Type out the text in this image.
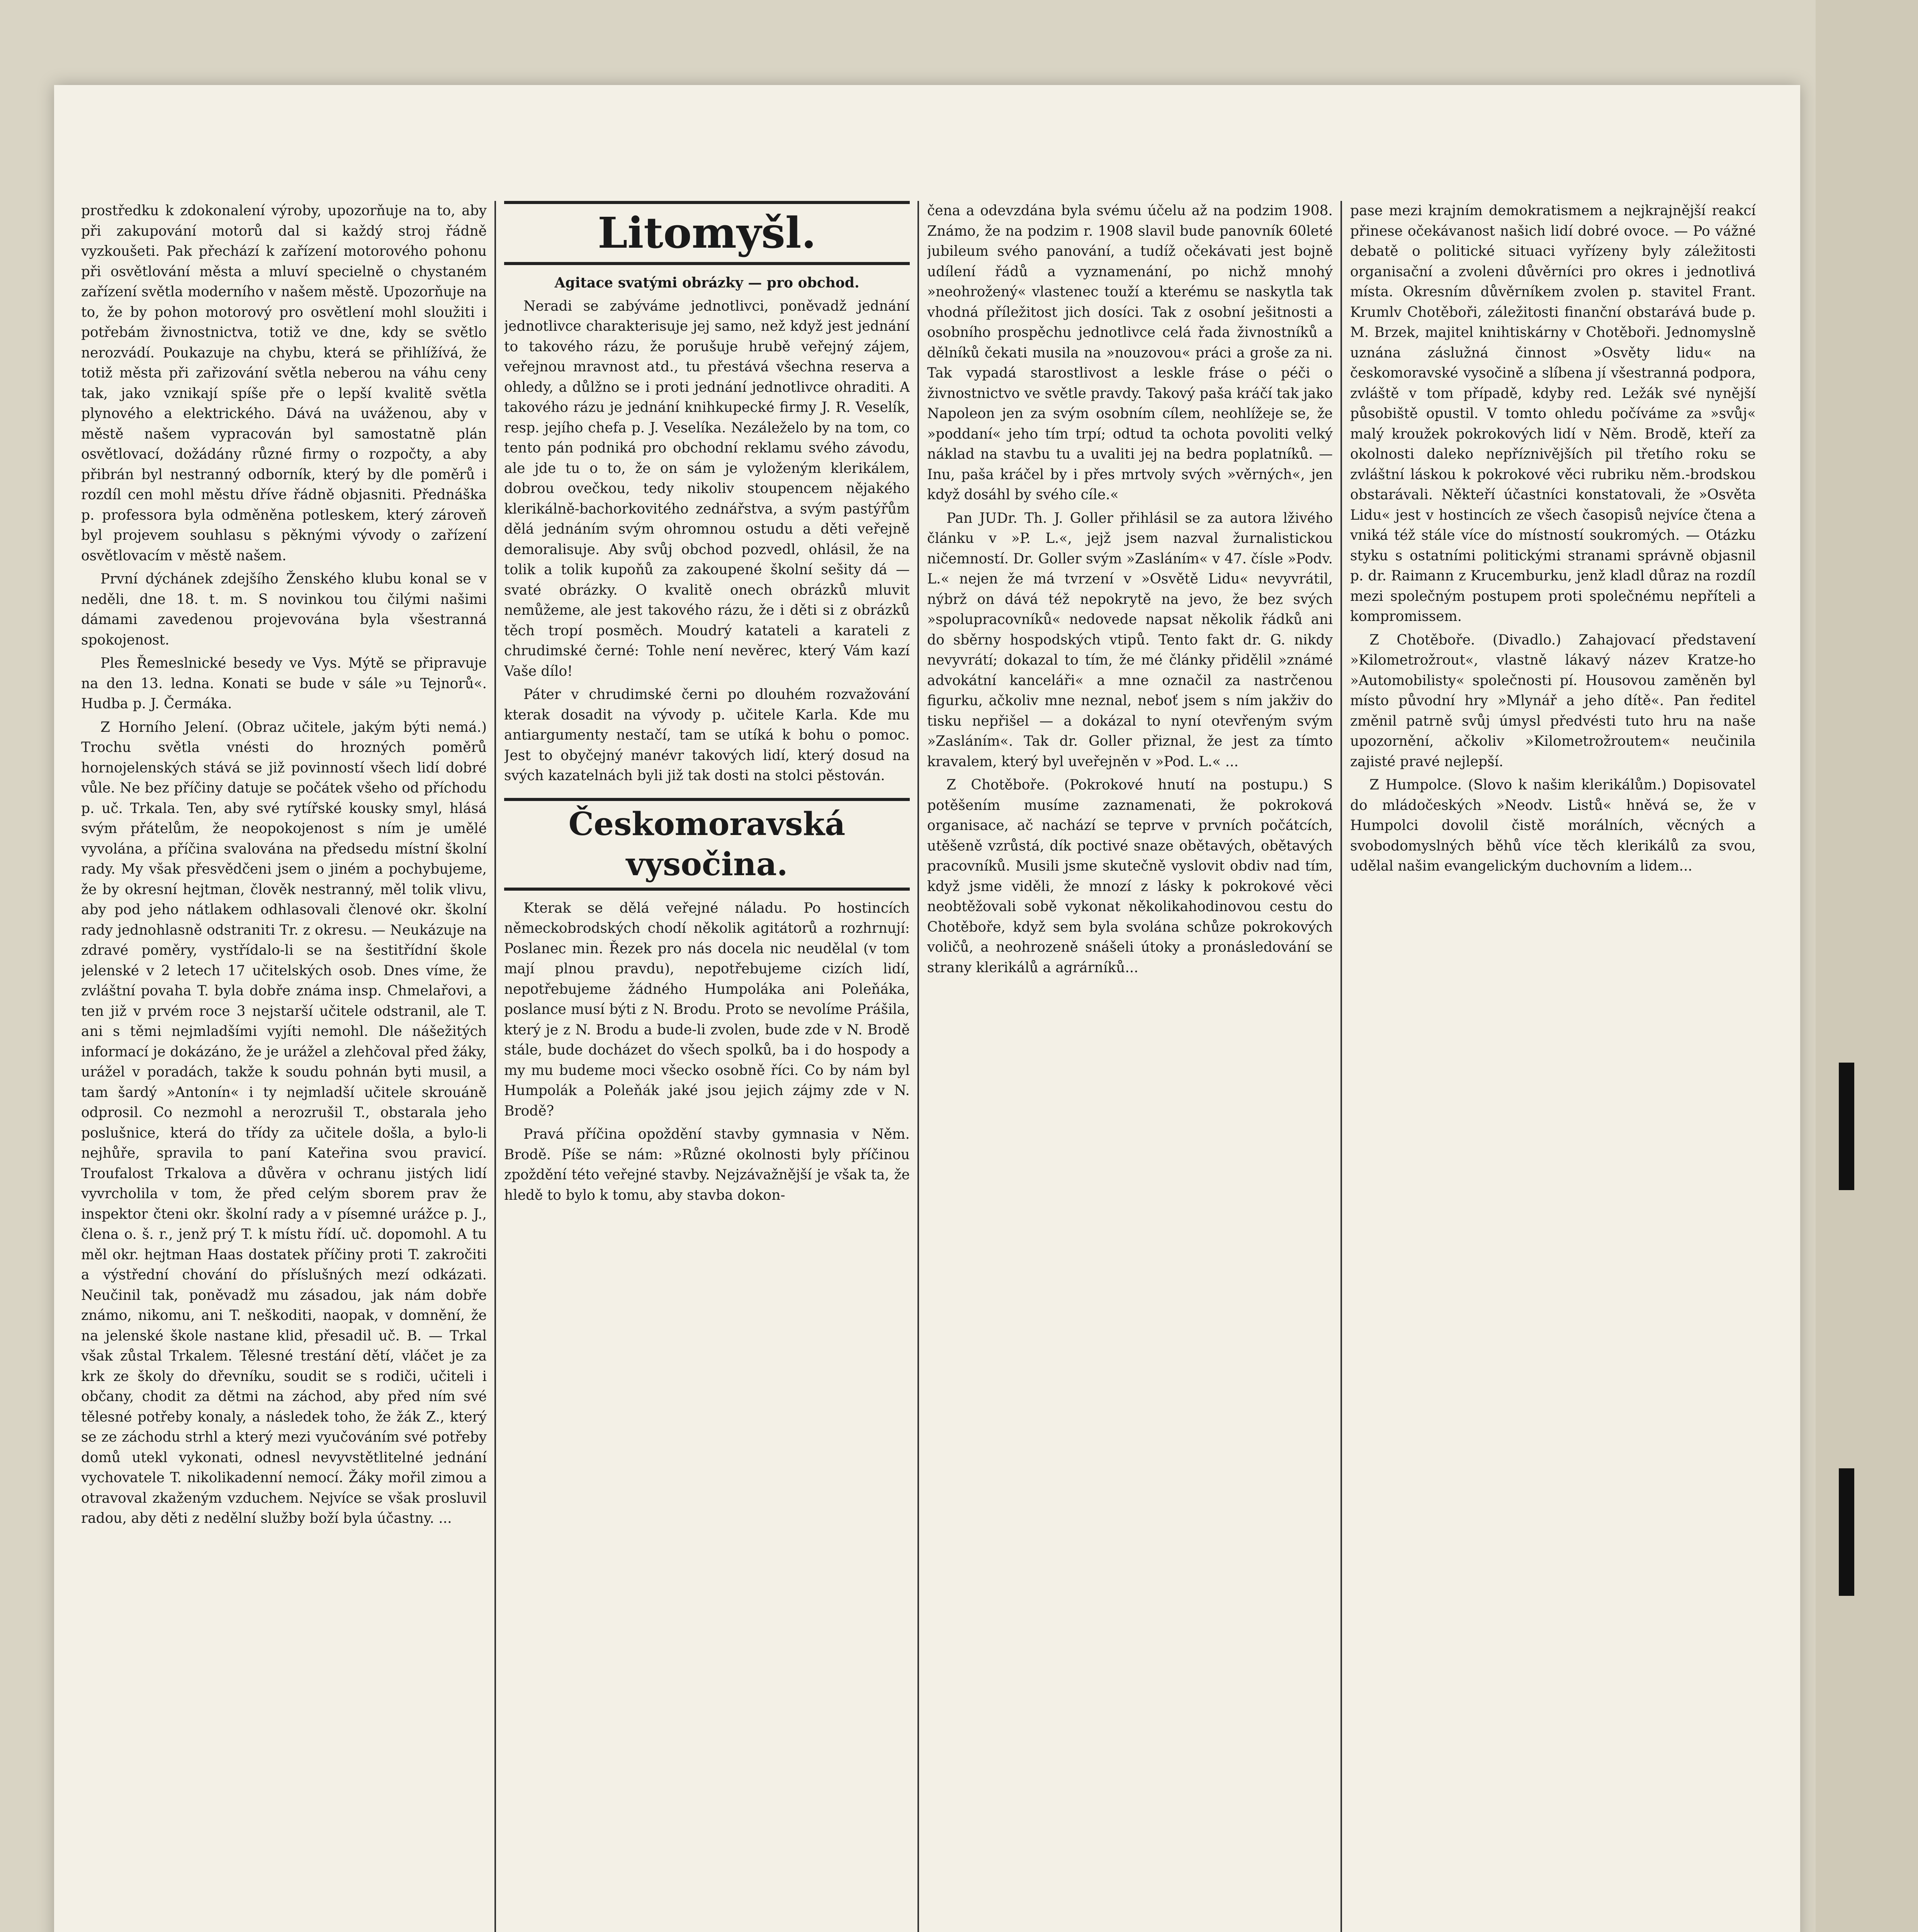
prostředku k zdokonalení výroby, upozorňuje na to, aby při zakupování motorů dal si každý stroj řádně vyzkoušeti. Pak přechází k zařízení motorového pohonu při osvětlování města a mluví specielně o chystaném zařízení světla moderního v našem městě. Upozorňuje na to, že by pohon motorový pro osvětlení mohl sloužiti i potřebám živnostnictva, totiž ve dne, kdy se světlo nerozvádí. Poukazuje na chybu, která se přihlížívá, že totiž města při zařizování světla neberou na váhu ceny tak, jako vznikají spíše pře o lepší kvalitě světla plynového a elektrického. Dává na uváženou, aby v městě našem vypracován byl samostatně plán osvětlovací, dožádány různé firmy o rozpočty, a aby přibrán byl nestranný odborník, který by dle poměrů i rozdíl cen mohl městu dříve řádně objasniti. Přednáška p. professora byla odměněna potleskem, který zároveň byl projevem souhlasu s pěknými vývody o zařízení osvětlovacím v městě našem.

První dýchánek zdejšího Ženského klubu konal se v neděli, dne 18. t. m. S novinkou tou čilými našimi dámami zavedenou projevována byla všestranná spokojenost.

Ples Řemeslnické besedy ve Vys. Mýtě se připravuje na den 13. ledna. Konati se bude v sále »u Tejnorů«. Hudba p. J. Čermáka.

Z Horního Jelení. (Obraz učitele, jakým býti nemá.) Trochu světla vnésti do hrozných poměrů hornojelenských stává se již povinností všech lidí dobré vůle. Ne bez příčiny datuje se počátek všeho od příchodu p. uč. Trkala. Ten, aby své rytířské kousky smyl, hlásá svým přátelům, že neopokojenost s ním je umělé vyvolána, a příčina svalována na předsedu místní školní rady. My však přesvědčeni jsem o jiném a pochybujeme, že by okresní hejtman, člověk nestranný, měl tolik vlivu, aby pod jeho nátlakem odhlasovali členové okr. školní rady jednohlasně odstraniti Tr. z okresu. — Neukázuje na zdravé poměry, vystřídalo-li se na šestitřídní škole jelenské v 2 letech 17 učitelských osob. Dnes víme, že zvláštní povaha T. byla dobře známa insp. Chmelařovi, a ten již v prvém roce 3 nejstarší učitele odstranil, ale T. ani s těmi nejmladšími vyjíti nemohl. Dle nášežitých informací je dokázáno, že je urážel a zlehčoval před žáky, urážel v poradách, takže k soudu pohnán byti musil, a tam šardý »Antonín« i ty nejmladší učitele skrouáně odprosil. Co nezmohl a nerozrušil T., obstarala jeho poslušnice, která do třídy za učitele došla, a bylo-li nejhůře, spravila to paní Kateřina svou pravicí. Troufalost Trkalova a důvěra v ochranu jistých lidí vyvrcholila v tom, že před celým sborem prav že inspektor čteni okr. školní rady a v písemné urážce p. J., člena o. š. r., jenž prý T. k místu řídí. uč. dopomohl. A tu měl okr. hejtman Haas dostatek příčiny proti T. zakročiti a výstřední chování do příslušných mezí odkázati. Neučinil tak, poněvadž mu zásadou, jak nám dobře známo, nikomu, ani T. neškoditi, naopak, v domnění, že na jelenské škole nastane klid, přesadil uč. B. — Trkal však zůstal Trkalem. Tělesné trestání dětí, vláčet je za krk ze školy do dřevníku, soudit se s rodiči, učiteli i občany, chodit za dětmi na záchod, aby před ním své tělesné potřeby konaly, a následek toho, že žák Z., který se ze záchodu strhl a který mezi vyučováním své potřeby domů utekl vykonati, odnesl nevyvstětlitelné jednání vychovatele T. nikolikadenní nemocí. Žáky mořil zimou a otravoval zkaženým vzduchem. Nejvíce se však prosluvil radou, aby děti z nedělní služby boží byla účastny. ...

Litomyšl.

Agitace svatými obrázky — pro obchod.

Neradi se zabýváme jednotlivci, poněvadž jednání jednotlivce charakterisuje jej samo, než když jest jednání to takového rázu, že porušuje hrubě veřejný zájem, veřejnou mravnost atd., tu přestává všechna reserva a ohledy, a důlžno se i proti jednání jednotlivce ohraditi. A takového rázu je jednání knihkupecké firmy J. R. Veselík, resp. jejího chefa p. J. Veselíka. Nezáleželo by na tom, co tento pán podniká pro obchodní reklamu svého závodu, ale jde tu o to, že on sám je vyloženým klerikálem, dobrou ovečkou, tedy nikoliv stoupencem nějakého klerikálně-bachorkovitého zednářstva, a svým pastýřům dělá jednáním svým ohromnou ostudu a děti veřejně demoralisuje. Aby svůj obchod pozvedl, ohlásil, že na tolik a tolik kupoňů za zakoupené školní sešity dá — svaté obrázky. O kvalitě onech obrázků mluvit nemůžeme, ale jest takového rázu, že i děti si z obrázků těch tropí posměch. Moudrý katateli a karateli z chrudimské černé: Tohle není nevěrec, který Vám kazí Vaše dílo!

Páter v chrudimské černi po dlouhém rozvažování kterak dosadit na vývody p. učitele Karla. Kde mu antiargumenty nestačí, tam se utíká k bohu o pomoc. Jest to obyčejný manévr takových lidí, který dosud na svých kazatelnách byli již tak dosti na stolci pěstován.

Českomoravská vysočina.

Kterak se dělá veřejné náladu. Po hostincích německobrodských chodí několik agitátorů a rozhrnují: Poslanec min. Řezek pro nás docela nic neudělal (v tom mají plnou pravdu), nepotřebujeme cizích lidí, nepotřebujeme žádného Humpoláka ani Poleňáka, poslance musí býti z N. Brodu. Proto se nevolíme Prášila, který je z N. Brodu a bude-li zvolen, bude zde v N. Brodě stále, bude docházet do všech spolků, ba i do hospody a my mu budeme moci všecko osobně říci. Co by nám byl Humpolák a Poleňák jaké jsou jejich zájmy zde v N. Brodě?

Pravá příčina opoždění stavby gymnasia v Něm. Brodě. Píše se nám: »Různé okolnosti byly příčinou zpoždění této veřejné stavby. Nejzávažnější je však ta, že hledě to bylo k tomu, aby stavba dokon-

čena a odevzdána byla svému účelu až na podzim 1908. Známo, že na podzim r. 1908 slavil bude panovník 60leté jubileum svého panování, a tudíž očekávati jest bojně udílení řádů a vyznamenání, po nichž mnohý »neohrožený« vlastenec touží a kterému se naskytla tak vhodná příležitost jich dosíci. Tak z osobní ješitnosti a osobního prospěchu jednotlivce celá řada živnostníků a dělníků čekati musila na »nouzovou« práci a groše za ni. Tak vypadá starostlivost a leskle fráse o péči o živnostnictvo ve světle pravdy. Takový paša kráčí tak jako Napoleon jen za svým osobním cílem, neohlížeje se, že »poddaní« jeho tím trpí; odtud ta ochota povoliti velký náklad na stavbu tu a uvaliti jej na bedra poplatníků. — Inu, paša kráčel by i přes mrtvoly svých »věrných«, jen když dosáhl by svého cíle.«

Pan JUDr. Th. J. Goller přihlásil se za autora lživého článku v »P. L.«, jejž jsem nazval žurnalistickou ničemností. Dr. Goller svým »Zasláním« v 47. čísle »Podv. L.« nejen že má tvrzení v »Osvětě Lidu« nevyvrátil, nýbrž on dává též nepokrytě na jevo, že bez svých »spolupracovníků« nedovede napsat několik řádků ani do sběrny hospodských vtipů. Tento fakt dr. G. nikdy nevyvrátí; dokazal to tím, že mé články přidělil »známé advokátní kanceláři« a mne označil za nastrčenou figurku, ačkoliv mne neznal, neboť jsem s ním jakživ do tisku nepřišel — a dokázal to nyní otevřeným svým »Zasláním«. Tak dr. Goller přiznal, že jest za tímto kravalem, který byl uveřejněn v »Pod. L.« ...

Z Chotěboře. (Pokrokové hnutí na postupu.) S potěšením musíme zaznamenati, že pokroková organisace, ač nachází se teprve v prvních počátcích, utěšeně vzrůstá, dík poctivé snaze obětavých, obětavých pracovníků. Musili jsme skutečně vyslovit obdiv nad tím, když jsme viděli, že mnozí z lásky k pokrokové věci neobtěžovali sobě vykonat několikahodinovou cestu do Chotěboře, když sem byla svolána schůze pokrokových voličů, a neohrozeně snášeli útoky a pronásledování se strany klerikálů a agrárníků...

pase mezi krajním demokratismem a nejkrajnější reakcí přinese očekávanost našich lidí dobré ovoce. — Po vážné debatě o politické situaci vyřízeny byly záležitosti organisační a zvoleni důvěrníci pro okres i jednotlivá místa. Okresním důvěrníkem zvolen p. stavitel Frant. Krumlv Chotěboři, záležitosti finanční obstarává bude p. M. Brzek, majitel knihtiskárny v Chotěboři. Jednomyslně uznána záslužná činnost »Osvěty lidu« na českomoravské vysočině a slíbena jí všestranná podpora, zvláště v tom případě, kdyby red. Ležák své nynější působiště opustil. V tomto ohledu počíváme za »svůj« malý kroužek pokrokových lidí v Něm. Brodě, kteří za okolnosti daleko nepříznivějších pil třetího roku se zvláštní láskou k pokrokové věci rubriku něm.-brodskou obstarávali. Někteří účastníci konstatovali, že »Osvěta Lidu« jest v hostincích ze všech časopisů nejvíce čtena a vniká též stále více do místností soukromých. — Otázku styku s ostatními politickými stranami správně objasnil p. dr. Raimann z Krucemburku, jenž kladl důraz na rozdíl mezi společným postupem proti společnému nepříteli a kompromissem.

Z Chotěboře. (Divadlo.) Zahajovací představení »Kilometrožrout«, vlastně lákavý název Kratze-ho »Automobilisty« společnosti pí. Housovou zaměněn byl místo původní hry »Mlynář a jeho dítě«. Pan ředitel změnil patrně svůj úmysl předvésti tuto hru na naše upozornění, ačkoliv »Kilometrožroutem« neučinila zajisté pravé nejlepší.

Z Humpolce. (Slovo k našim klerikálům.) Dopisovatel do mládočeských »Neodv. Listů« hněvá se, že v Humpolci dovolil čistě morálních, věcných a svobodomyslných běhů více těch klerikálů za svou, udělal našim evangelickým duchovním a lidem...
